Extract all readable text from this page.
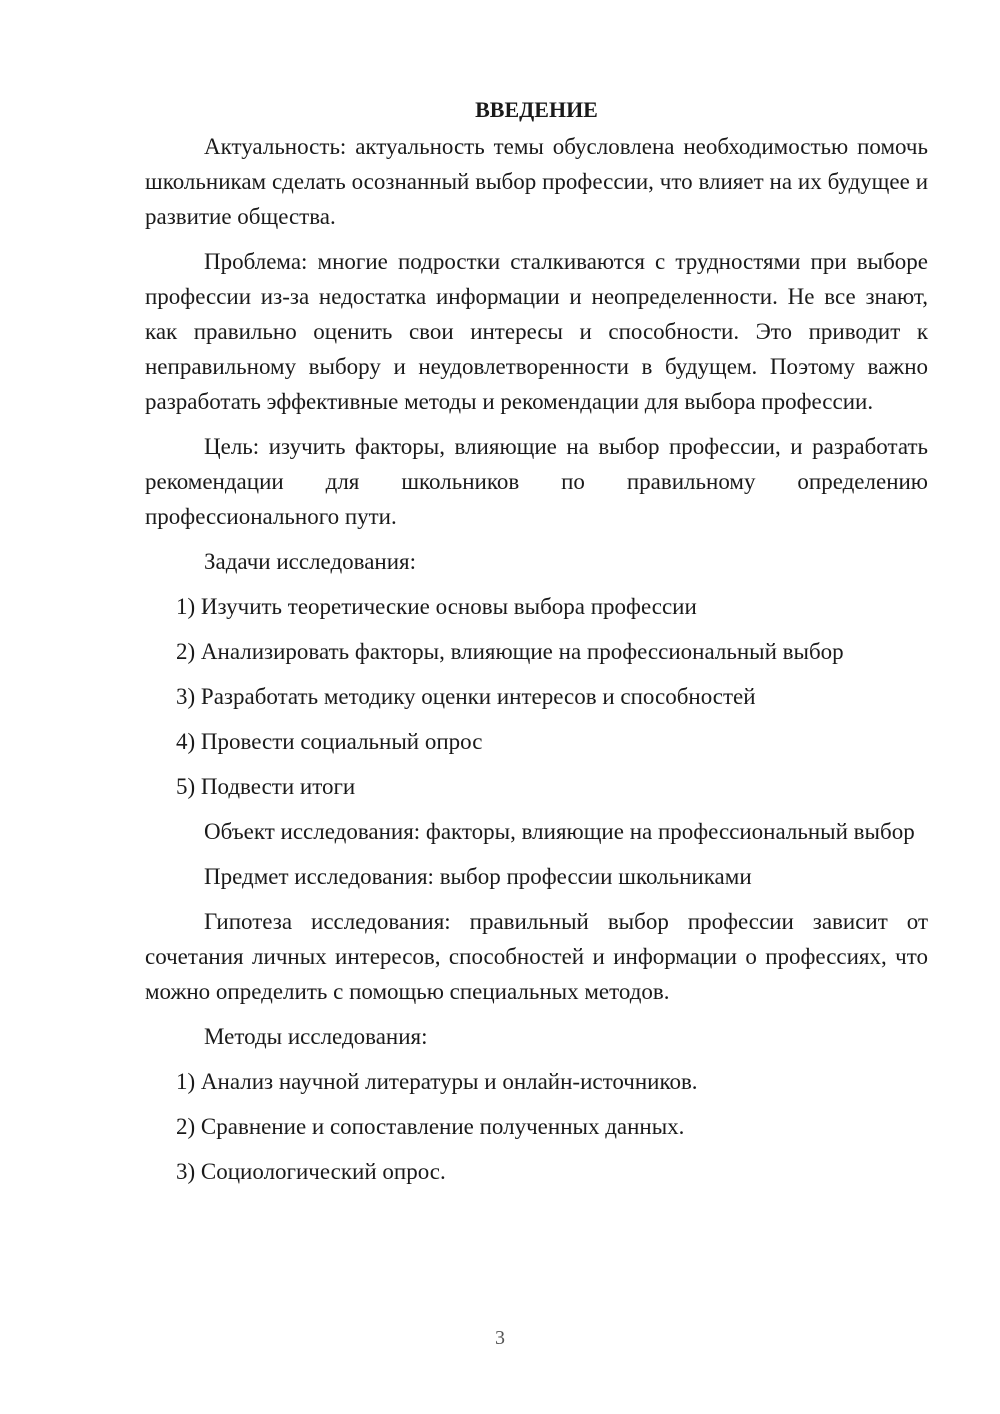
ВВЕДЕНИЕ

Актуальность: актуальность темы обусловлена необходимостью помочь школьникам сделать осознанный выбор профессии, что влияет на их будущее и развитие общества.

Проблема: многие подростки сталкиваются с трудностями при выборе профессии из-за недостатка информации и неопределенности. Не все знают, как правильно оценить свои интересы и способности. Это приводит к неправильному выбору и неудовлетворенности в будущем. Поэтому важно разработать эффективные методы и рекомендации для выбора профессии.

Цель: изучить факторы, влияющие на выбор профессии, и разработать рекомендации для школьников по правильному определению профессионального пути.

Задачи исследования:

1) Изучить теоретические основы выбора профессии
2) Анализировать факторы, влияющие на профессиональный выбор
3) Разработать методику оценки интересов и способностей
4) Провести социальный опрос
5) Подвести итоги

Объект исследования: факторы, влияющие на профессиональный выбор

Предмет исследования: выбор профессии школьниками

Гипотеза исследования: правильный выбор профессии зависит от сочетания личных интересов, способностей и информации о профессиях, что можно определить с помощью специальных методов.

Методы исследования:

1) Анализ научной литературы и онлайн-источников.
2) Сравнение и сопоставление полученных данных.
3) Социологический опрос.
3
